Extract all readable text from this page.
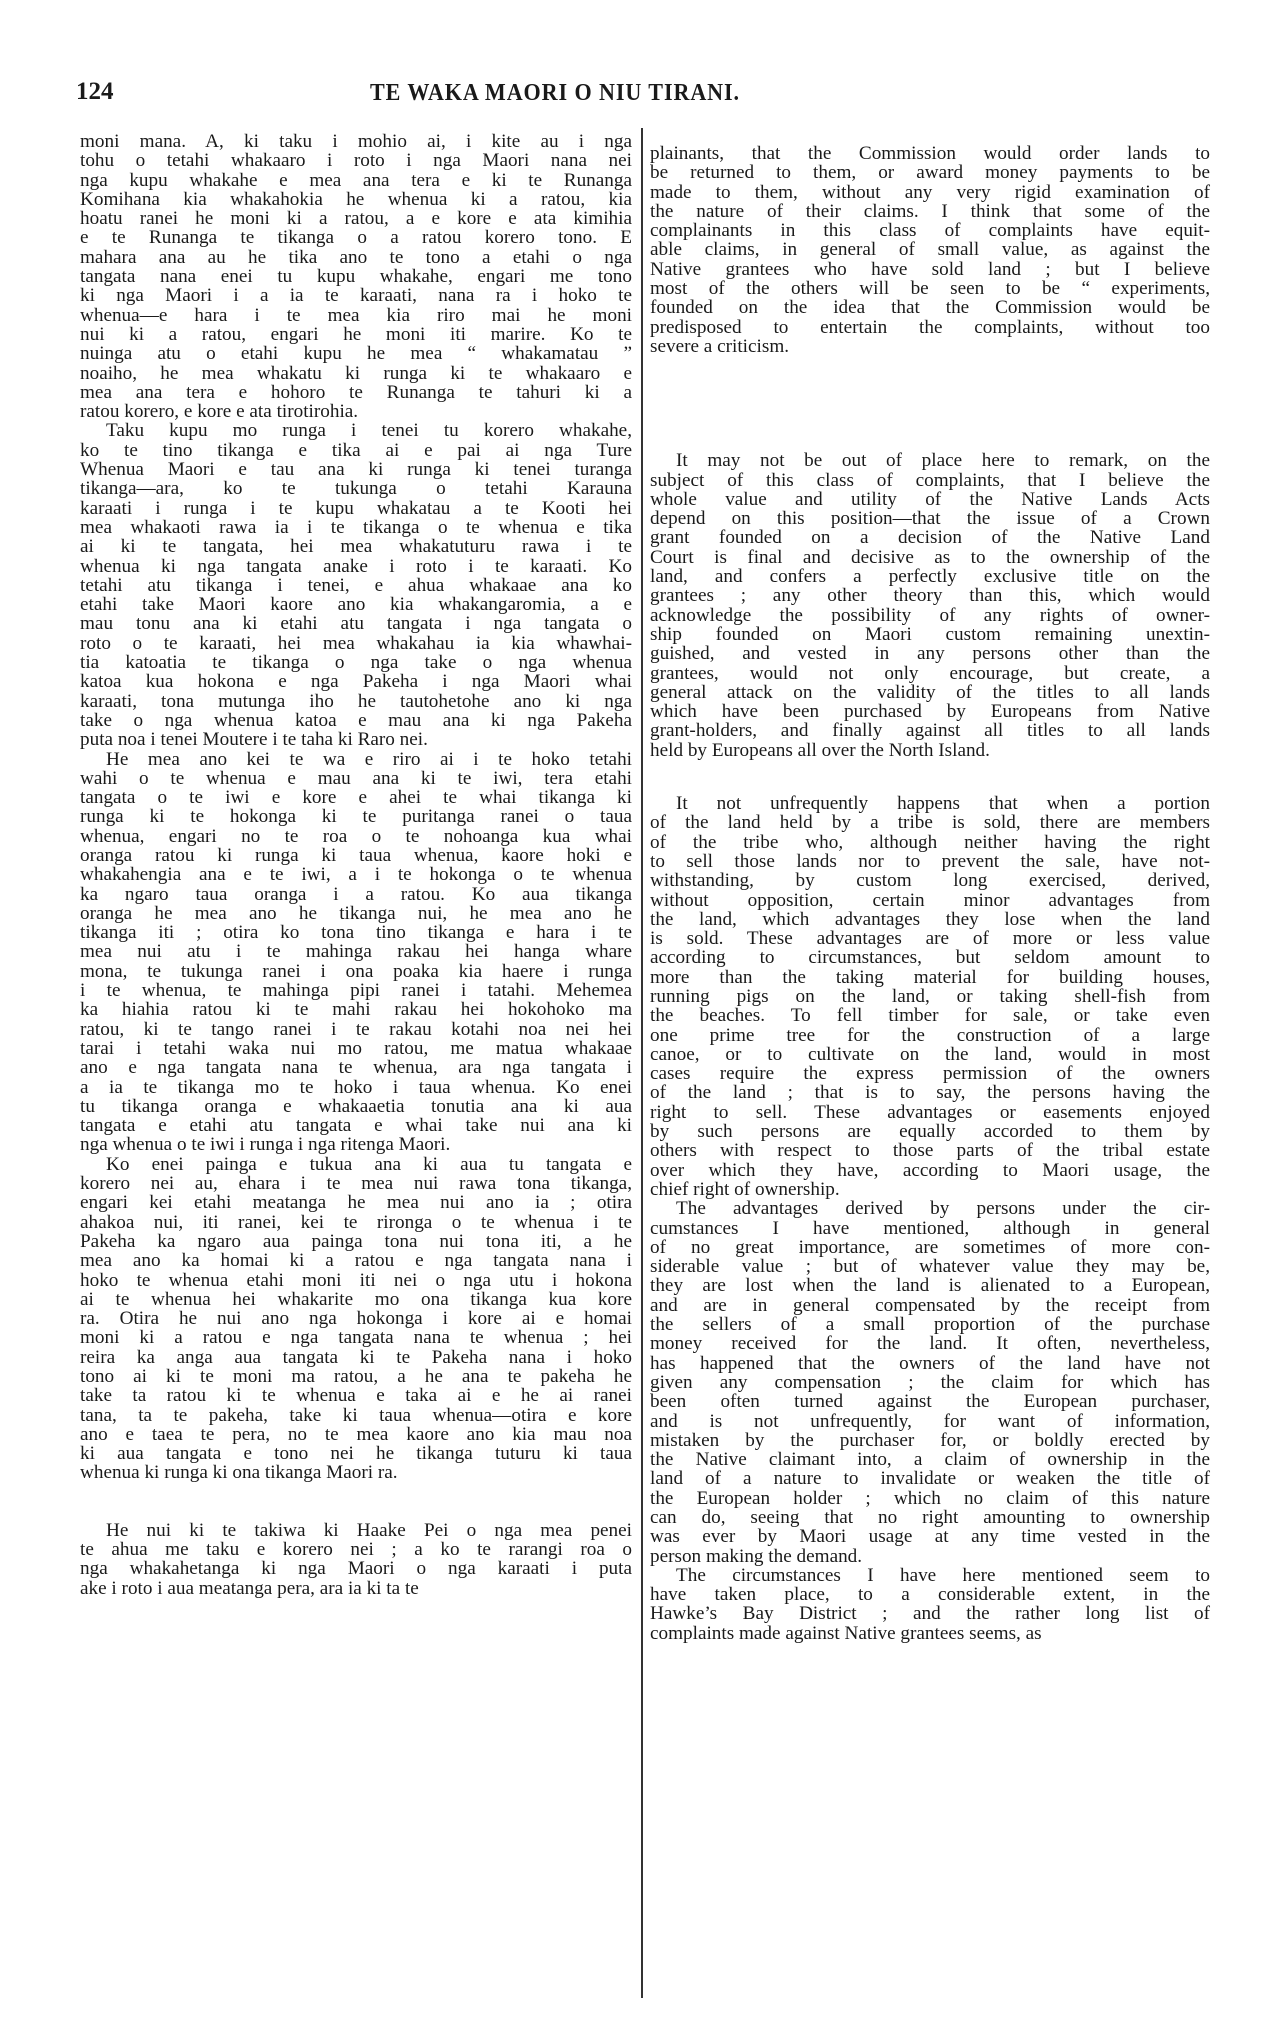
124	TE WAKA MAORI O NIU TIRANI.
moni mana. A, ki taku i mohio ai, i kite au i nga
tohu o tetahi whakaaro i roto i nga Maori nana nei
nga kupu whakahe e mea ana tera e ki te Runanga
Komihana kia whakahokia he whenua ki a ratou, kia
hoatu ranei he moni ki a ratou, a e kore e ata kimihia
e te Runanga te tikanga o a ratou korero tono. E
mahara ana au he tika ano te tono a etahi o nga
tangata nana enei tu kupu whakahe, engari me tono
ki nga Maori i a ia te karaati, nana ra i hoko te
whenua—e hara i te mea kia riro mai he moni
nui ki a ratou, engari he moni iti marire. Ko te
nuinga atu o etahi kupu he mea “ whakamatau ”
noaiho, he mea whakatu ki runga ki te whakaaro e
mea ana tera e hohoro te Runanga te tahuri ki a
ratou korero, e kore e ata tirotirohia.
Taku kupu mo runga i tenei tu korero whakahe,
ko te tino tikanga e tika ai e pai ai nga Ture
Whenua Maori e tau ana ki runga ki tenei turanga
tikanga—ara, ko te tukunga o tetahi Karauna
karaati i runga i te kupu whakatau a te Kooti hei
mea whakaoti rawa ia i te tikanga o te whenua e tika
ai ki te tangata, hei mea whakatuturu rawa i te
whenua ki nga tangata anake i roto i te karaati. Ko
tetahi atu tikanga i tenei, e ahua whakaae ana ko
etahi take Maori kaore ano kia whakangaromia, a e
mau tonu ana ki etahi atu tangata i nga tangata o
roto o te karaati, hei mea whakahau ia kia whawhai-
tia katoatia te tikanga o nga take o nga whenua
katoa kua hokona e nga Pakeha i nga Maori whai
karaati, tona mutunga iho he tautohetohe ano ki nga
take o nga whenua katoa e mau ana ki nga Pakeha
puta noa i tenei Moutere i te taha ki Raro nei.
He mea ano kei te wa e riro ai i te hoko tetahi
wahi o te whenua e mau ana ki te iwi, tera etahi
tangata o te iwi e kore e ahei te whai tikanga ki
runga ki te hokonga ki te puritanga ranei o taua
whenua, engari no te roa o te nohoanga kua whai
oranga ratou ki runga ki taua whenua, kaore hoki e
whakahengia ana e te iwi, a i te hokonga o te whenua
ka ngaro taua oranga i a ratou. Ko aua tikanga
oranga he mea ano he tikanga nui, he mea ano he
tikanga iti ; otira ko tona tino tikanga e hara i te
mea nui atu i te mahinga rakau hei hanga whare
mona, te tukunga ranei i ona poaka kia haere i runga
i te whenua, te mahinga pipi ranei i tatahi. Mehemea
ka hiahia ratou ki te mahi rakau hei hokohoko ma
ratou, ki te tango ranei i te rakau kotahi noa nei hei
tarai i tetahi waka nui mo ratou, me matua whakaae
ano e nga tangata nana te whenua, ara nga tangata i
a ia te tikanga mo te hoko i taua whenua. Ko enei
tu tikanga oranga e whakaaetia tonutia ana ki aua
tangata e etahi atu tangata e whai take nui ana ki
nga whenua o te iwi i runga i nga ritenga Maori.
Ko enei painga e tukua ana ki aua tu tangata e
korero nei au, ehara i te mea nui rawa tona tikanga,
engari kei etahi meatanga he mea nui ano ia ; otira
ahakoa nui, iti ranei, kei te rironga o te whenua i te
Pakeha ka ngaro aua painga tona nui tona iti, a he
mea ano ka homai ki a ratou e nga tangata nana i
hoko te whenua etahi moni iti nei o nga utu i hokona
ai te whenua hei whakarite mo ona tikanga kua kore
ra. Otira he nui ano nga hokonga i kore ai e homai
moni ki a ratou e nga tangata nana te whenua ; hei
reira ka anga aua tangata ki te Pakeha nana i hoko
tono ai ki te moni ma ratou, a he ana te pakeha he
take ta ratou ki te whenua e taka ai e he ai ranei
tana, ta te pakeha, take ki taua whenua—otira e kore
ano e taea te pera, no te mea kaore ano kia mau noa
ki aua tangata e tono nei he tikanga tuturu ki taua
whenua ki runga ki ona tikanga Maori ra.
He nui ki te takiwa ki Haake Pei o nga mea penei
te ahua me taku e korero nei ; a ko te rarangi roa o
nga whakahetanga ki nga Maori o nga karaati i puta
ake i roto i aua meatanga pera, ara ia ki ta te
plainants, that the Commission would order lands to
be returned to them, or award money payments to be
made to them, without any very rigid examination of
the nature of their claims. I think that some of the
complainants in this class of complaints have equit-
able claims, in general of small value, as against the
Native grantees who have sold land ; but I believe
most of the others will be seen to be “ experiments,
founded on the idea that the Commission would be
predisposed to entertain the complaints, without too
severe a criticism.
It may not be out of place here to remark, on the
subject of this class of complaints, that I believe the
whole value and utility of the Native Lands Acts
depend on this position—that the issue of a Crown
grant founded on a decision of the Native Land
Court is final and decisive as to the ownership of the
land, and confers a perfectly exclusive title on the
grantees ; any other theory than this, which would
acknowledge the possibility of any rights of owner-
ship founded on Maori custom remaining unextin-
guished, and vested in any persons other than the
grantees, would not only encourage, but create, a
general attack on the validity of the titles to all lands
which have been purchased by Europeans from Native
grant-holders, and finally against all titles to all lands
held by Europeans all over the North Island.
It not unfrequently happens that when a portion
of the land held by a tribe is sold, there are members
of the tribe who, although neither having the right
to sell those lands nor to prevent the sale, have not-
withstanding, by custom long exercised, derived,
without opposition, certain minor advantages from
the land, which advantages they lose when the land
is sold. These advantages are of more or less value
according to circumstances, but seldom amount to
more than the taking material for building houses,
running pigs on the land, or taking shell-fish from
the beaches. To fell timber for sale, or take even
one prime tree for the construction of a large
canoe, or to cultivate on the land, would in most
cases require the express permission of the owners
of the land ; that is to say, the persons having the
right to sell. These advantages or easements enjoyed
by such persons are equally accorded to them by
others with respect to those parts of the tribal estate
over which they have, according to Maori usage, the
chief right of ownership.
The advantages derived by persons under the cir-
cumstances I have mentioned, although in general
of no great importance, are sometimes of more con-
siderable value ; but of whatever value they may be,
they are lost when the land is alienated to a European,
and are in general compensated by the receipt from
the sellers of a small proportion of the purchase
money received for the land. It often, nevertheless,
has happened that the owners of the land have not
given any compensation ; the claim for which has
been often turned against the European purchaser,
and is not unfrequently, for want of information,
mistaken by the purchaser for, or boldly erected by
the Native claimant into, a claim of ownership in the
land of a nature to invalidate or weaken the title of
the European holder ; which no claim of this nature
can do, seeing that no right amounting to ownership
was ever by Maori usage at any time vested in the
person making the demand.
The circumstances I have here mentioned seem to
have taken place, to a considerable extent, in the
Hawke’s Bay District ; and the rather long list of
complaints made against Native grantees seems, as
